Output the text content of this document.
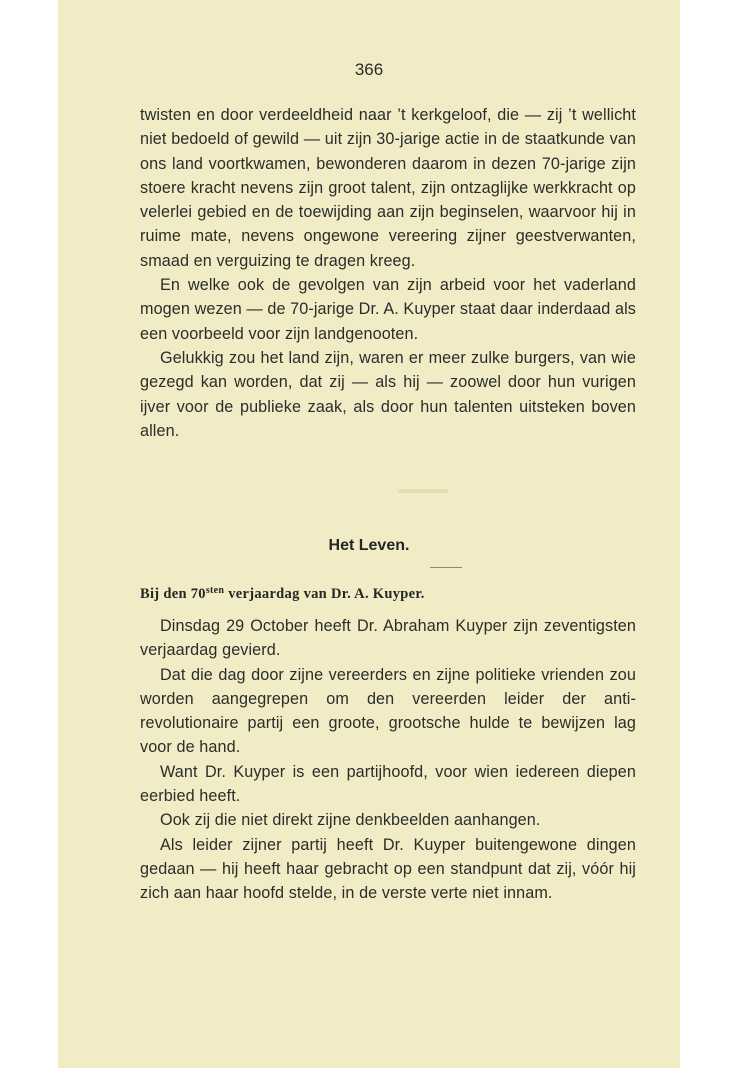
366

twisten en door verdeeldheid naar ’t kerkgeloof, die — zij ’t wellicht niet bedoeld of gewild — uit zijn 30-jarige actie in de staatkunde van ons land voortkwamen, bewonderen daarom in dezen 70-jarige zijn stoere kracht nevens zijn groot talent, zijn ontzaglijke werkkracht op velerlei gebied en de toewijding aan zijn beginselen, waarvoor hij in ruime mate, nevens ongewone vereering zijner geestverwanten, smaad en verguizing te dragen kreeg.

En welke ook de gevolgen van zijn arbeid voor het vaderland mogen wezen — de 70-jarige Dr. A. Kuyper staat daar inderdaad als een voorbeeld voor zijn landgenooten.

Gelukkig zou het land zijn, waren er meer zulke burgers, van wie gezegd kan worden, dat zij — als hij — zoowel door hun vurigen ijver voor de publieke zaak, als door hun talenten uitsteken boven allen.

Het Leven.
Bij den $70^{sten}$ verjaardag van Dr. A. Kuyper.

Dinsdag 29 October heeft Dr. Abraham Kuyper zijn zeventigsten verjaardag gevierd.

Dat die dag door zijne vereerders en zijne politieke vrienden zou worden aangegrepen om den vereerden leider der anti-revolutionaire partij een groote, grootsche hulde te bewijzen lag voor de hand.

Want Dr. Kuyper is een partijhoofd, voor wien iedereen diepen eerbied heeft.

Ook zij die niet direkt zijne denkbeelden aanhangen.

Als leider zijner partij heeft Dr. Kuyper buitengewone dingen gedaan — hij heeft haar gebracht op een standpunt dat zij, vóór hij zich aan haar hoofd stelde, in de verste verte niet innam.
